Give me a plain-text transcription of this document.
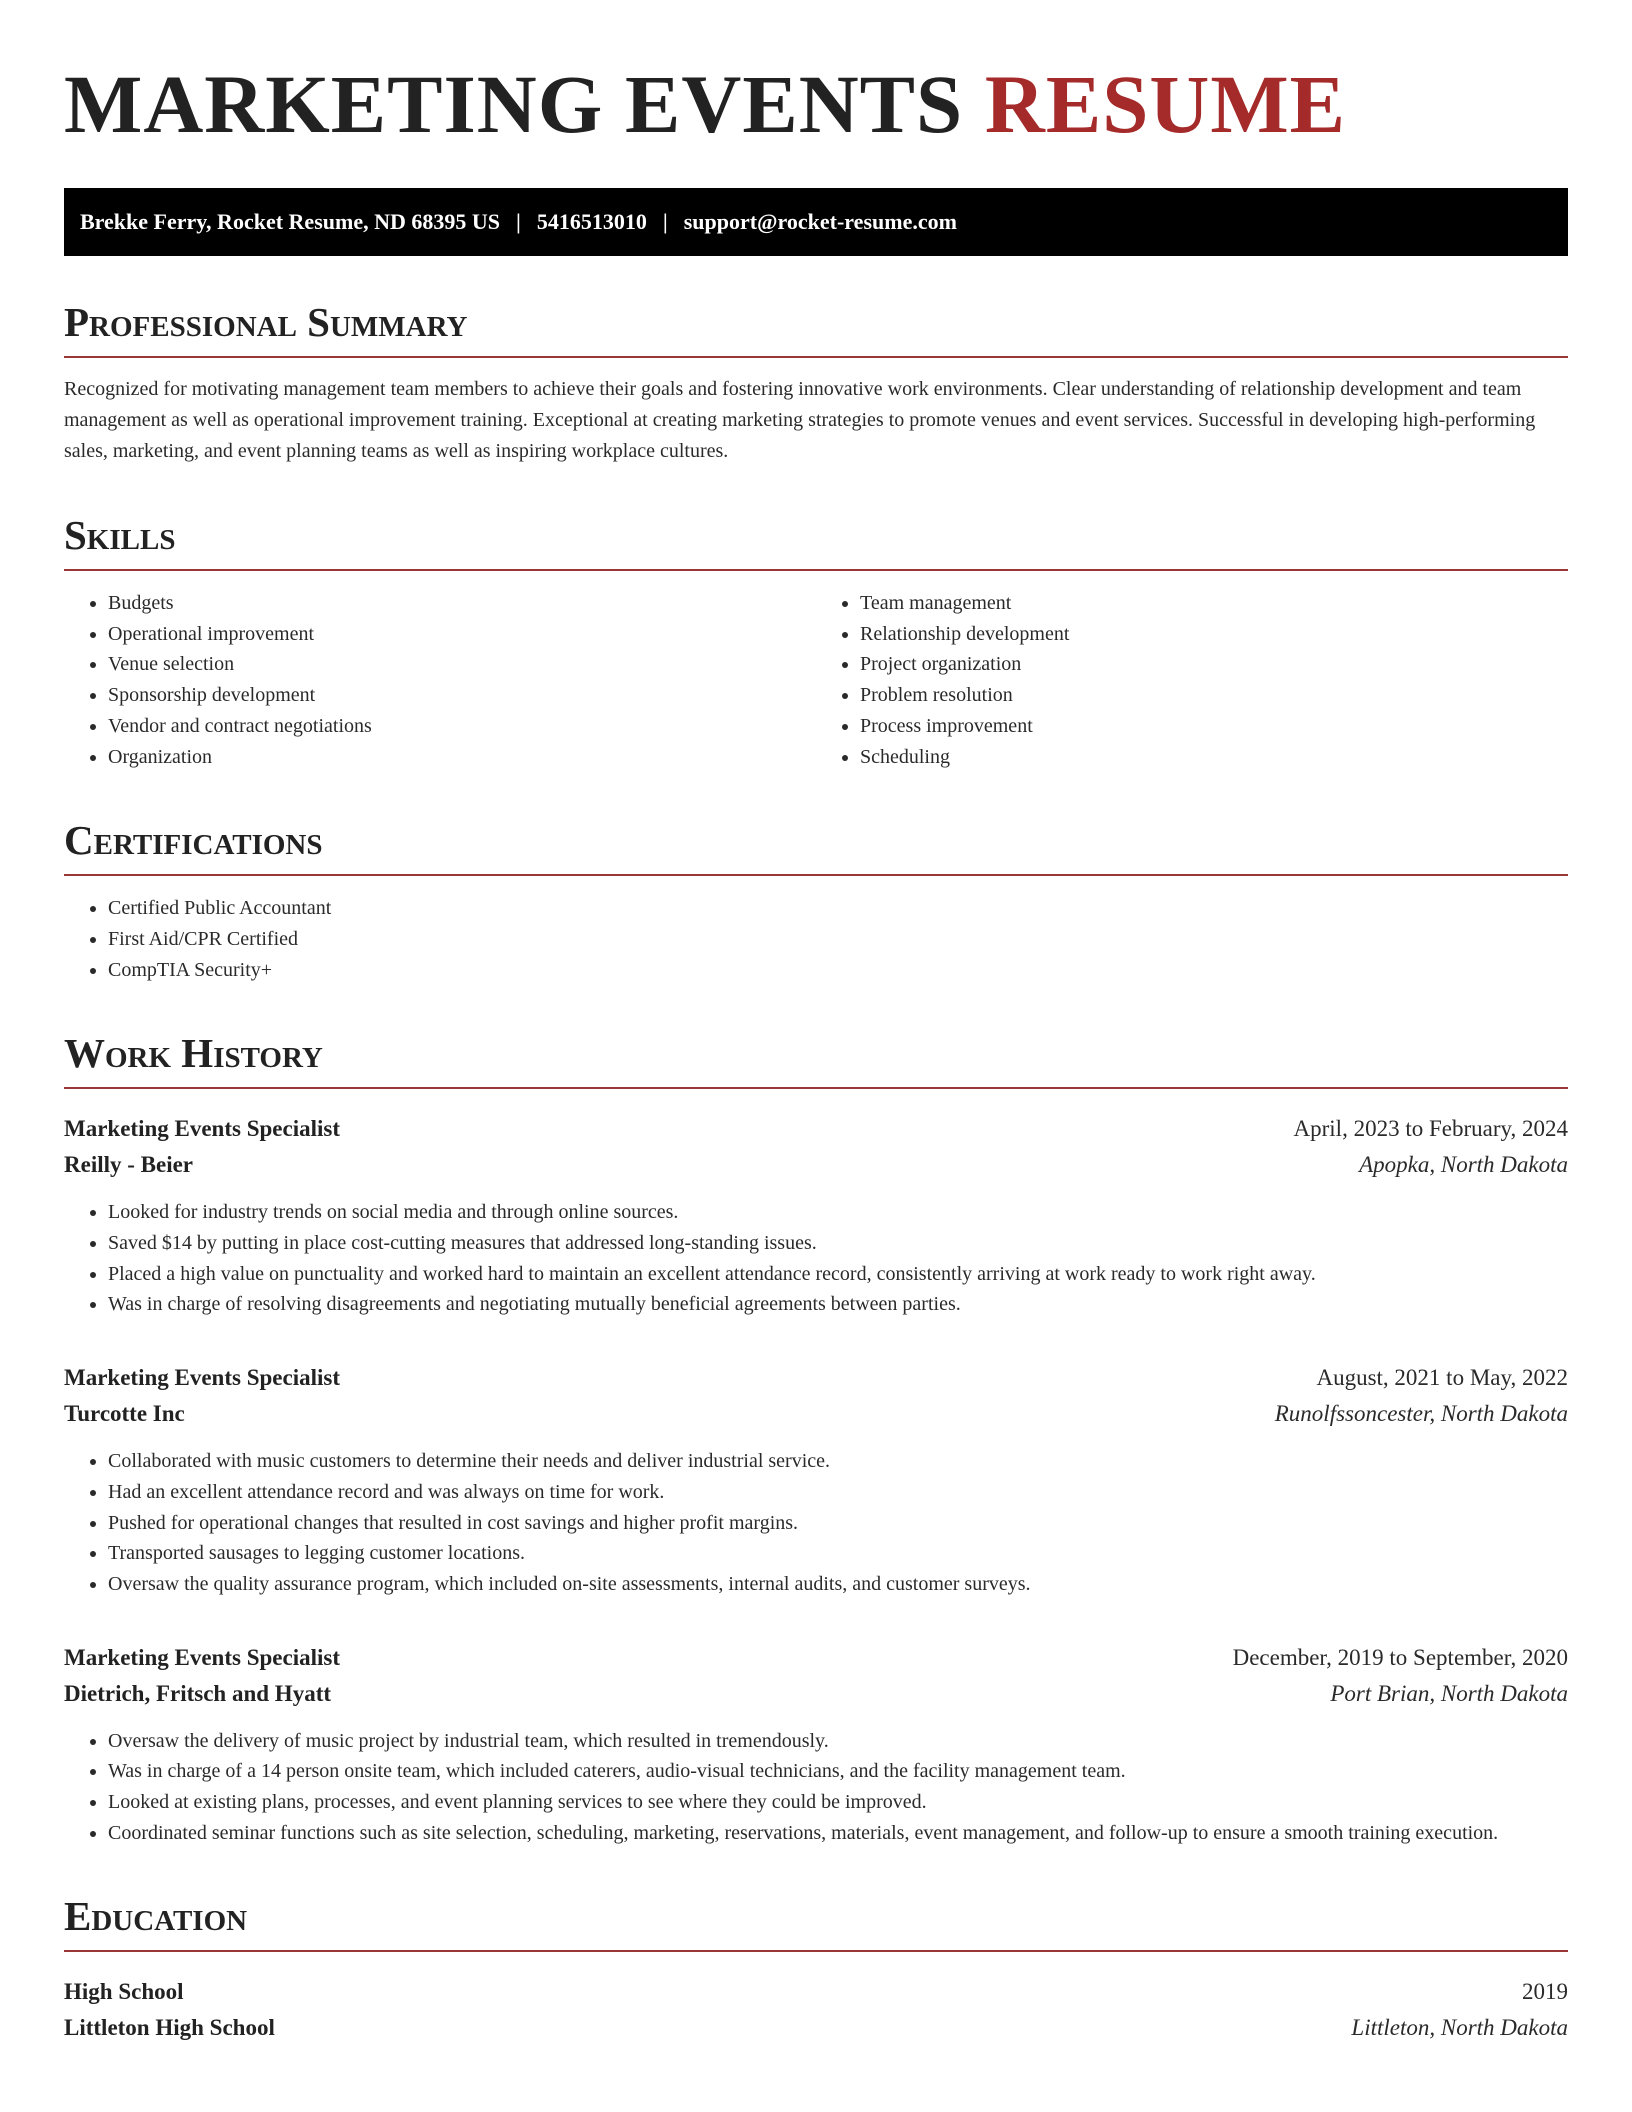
MARKETING EVENTS RESUME
Brekke Ferry, Rocket Resume, ND 68395 US | 5416513010 | support@rocket-resume.com
Professional Summary

Recognized for motivating management team members to achieve their goals and fostering innovative work environments. Clear understanding of relationship development and team management as well as operational improvement training. Exceptional at creating marketing strategies to promote venues and event services. Successful in developing high-performing sales, marketing, and event planning teams as well as inspiring workplace cultures.

Skills
• Budgets
• Operational improvement
• Venue selection
• Sponsorship development
• Vendor and contract negotiations
• Organization
• Team management
• Relationship development
• Project organization
• Problem resolution
• Process improvement
• Scheduling
Certifications
• Certified Public Accountant
• First Aid/CPR Certified
• CompTIA Security+
Work History
Marketing Events Specialist	April, 2023 to February, 2024
Reilly - Beier	Apopka, North Dakota
• Looked for industry trends on social media and through online sources.
• Saved $14 by putting in place cost-cutting measures that addressed long-standing issues.
• Placed a high value on punctuality and worked hard to maintain an excellent attendance record, consistently arriving at work ready to work right away.
• Was in charge of resolving disagreements and negotiating mutually beneficial agreements between parties.
Marketing Events Specialist	August, 2021 to May, 2022
Turcotte Inc	Runolfssoncester, North Dakota
• Collaborated with music customers to determine their needs and deliver industrial service.
• Had an excellent attendance record and was always on time for work.
• Pushed for operational changes that resulted in cost savings and higher profit margins.
• Transported sausages to legging customer locations.
• Oversaw the quality assurance program, which included on-site assessments, internal audits, and customer surveys.
Marketing Events Specialist	December, 2019 to September, 2020
Dietrich, Fritsch and Hyatt	Port Brian, North Dakota
• Oversaw the delivery of music project by industrial team, which resulted in tremendously.
• Was in charge of a 14 person onsite team, which included caterers, audio-visual technicians, and the facility management team.
• Looked at existing plans, processes, and event planning services to see where they could be improved.
• Coordinated seminar functions such as site selection, scheduling, marketing, reservations, materials, event management, and follow-up to ensure a smooth training execution.
Education
High School	2019
Littleton High School	Littleton, North Dakota
